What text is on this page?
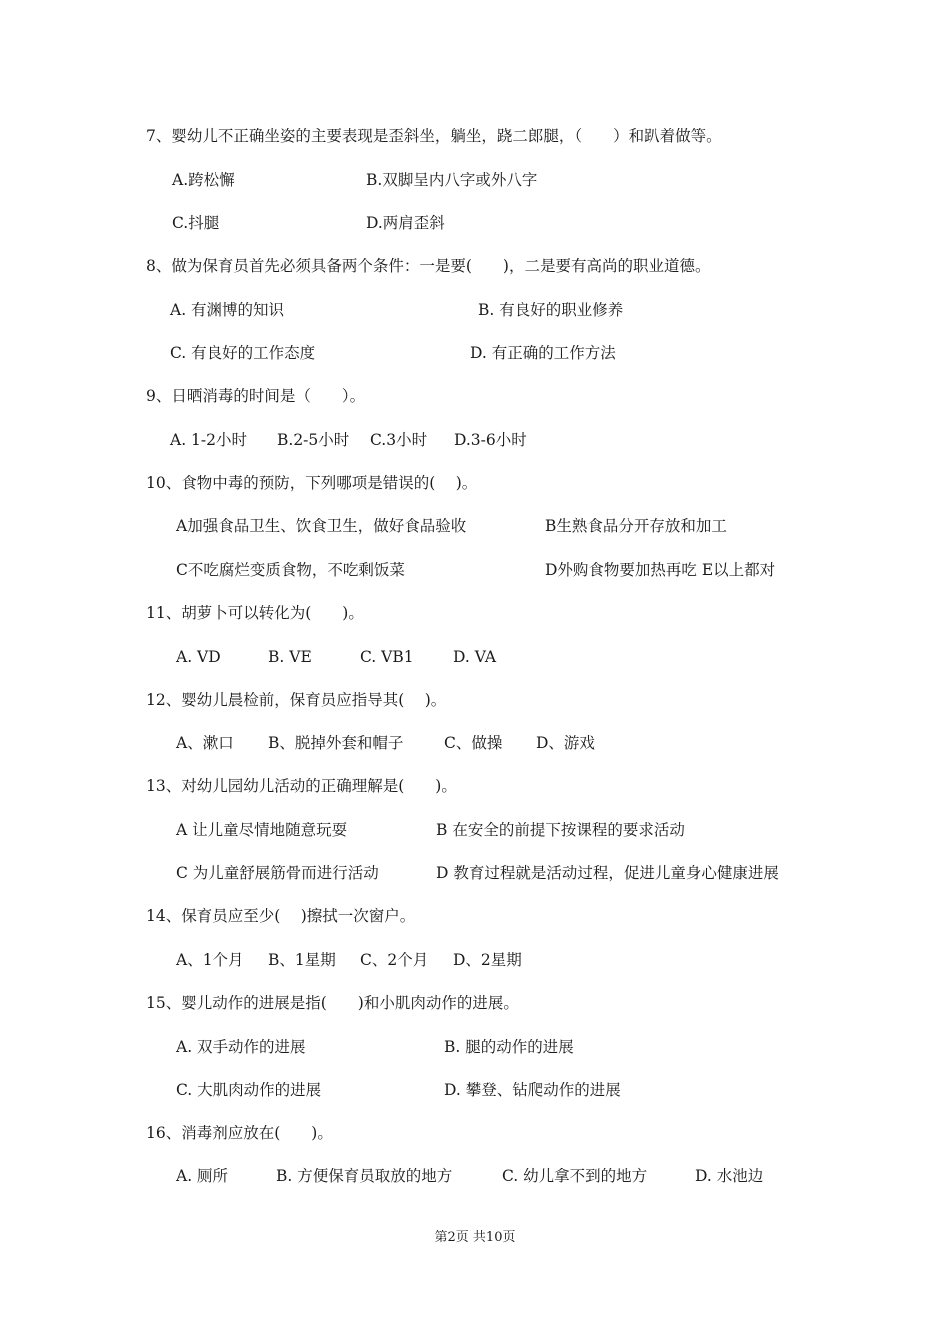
7、婴幼儿不正确坐姿的主要表现是歪斜坐，躺坐，跷二郎腿，（　　）和趴着做等。
A.跨松懈	B.双脚呈内八字或外八字
C.抖腿	D.两肩歪斜
8、做为保育员首先必须具备两个条件：一是要(　　)，二是要有高尚的职业道德。
A. 有渊博的知识	B. 有良好的职业修养
C. 有良好的工作态度	D. 有正确的工作方法
9、日晒消毒的时间是（　　）。
A. 1-2小时 B.2-5小时 C.3小时 D.3-6小时
10、食物中毒的预防，下列哪项是错误的(　 )。
A加强食品卫生、饮食卫生，做好食品验收	B生熟食品分开存放和加工
C不吃腐烂变质食物，不吃剩饭菜	D外购食物要加热再吃 E以上都对
11、胡萝卜可以转化为(　　)。
A. VD	B. VE	C. VB1	D. VA
12、婴幼儿晨检前，保育员应指导其(　 )。
A、漱口 B、脱掉外套和帽子	C、做操 D、游戏
13、对幼儿园幼儿活动的正确理解是(　　)。
A 让儿童尽情地随意玩耍	B 在安全的前提下按课程的要求活动
C 为儿童舒展筋骨而进行活动	D 教育过程就是活动过程，促进儿童身心健康进展
14、保育员应至少(　 )擦拭一次窗户。
A、1个月 B、1星期 C、2个月 D、2星期
15、婴儿动作的进展是指(　　)和小肌肉动作的进展。
A. 双手动作的进展	B. 腿的动作的进展
C. 大肌肉动作的进展	D. 攀登、钻爬动作的进展
16、消毒剂应放在(　　)。
A. 厕所	B. 方便保育员取放的地方	C. 幼儿拿不到的地方	D. 水池边
第2页 共10页
